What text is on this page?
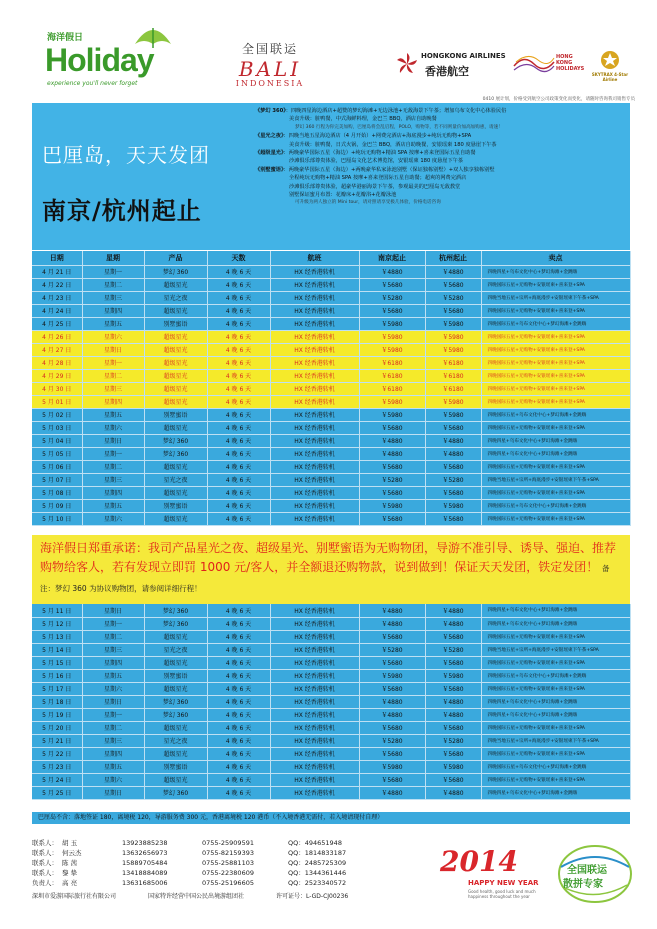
海洋假日
Holiday
experience you'll never forget
全国联运
BALI
INDONESIA
HONGKONG AIRLINES
香港航空
HONG KONG HOLIDAYS
SKYTRAX 4-Star Airline
0410 展计划，价格受到航空公司政策变化而变化，请随时咨询我司销售专员
巴厘岛，天天发团
南京/杭州起止
《梦幻 360》：四晚四星海边酒店+超赞的梦幻海滩+无边泳池+无敌海景下午茶；增加乌布文化中心体验民俗
美食升级：脏鸭餐，中式海鲜料理，金巴兰 BBQ，酒店自助晚餐
梦幻 360 行程为你完美加购，巴厘岛将会乱启程，POLO，购物等，若不同则量价加高加购惠，请速！
《星光之夜》：四晚当地五星海边酒店（4 月开始）+网费完酒店+海底漫步+纯玩无购物+SPA
美食升级：脏鸭餐，日式火锅，金巴兰 BBQ，酒店自助晚餐，安银瑶柬 180 度悬崖下午茶
《超级星光》：两晚豪华国际五星（海边）+纯玩无购物+精油 SPA 按摩+喜来登国际五星自助餐
沙滩俱乐部尊贵体验，巴厘岛文化艺术博览馆，安银瑶柬 180 度悬崖下午茶
《别墅蜜语》：两晚豪华国际五星（海边）+两晚豪华私家泳池别墅（保证独栋别墅）+双人独享独栋别墅
全程纯玩无购物+精油 SPA 按摩+喜来登国际五星自助餐；超爽的网费完酒店
沙滩俱乐部尊贵体验，超豪华港丽海景下午茶，参观最美的巴厘岛无敌教堂
别墅保证蜜月布置：花瓣床+花瓣浴+花瓣泳池
可升级为两人独立的 Mini tour，请对照请享受极几体验，价格电话咨询
日期	星期	产品	天数	航班	南京起止	杭州起止	卖点
4 月 21 日	星期一	梦幻 360	4 晚 6 天	HX 经香港转机	￥4880	￥4880	四晚四星+乌布文化中心+梦幻海滩+金跳嗨
4 月 22 日	星期二	超级星光	4 晚 6 天	HX 经香港转机	￥5680	￥5680	四晚国际五星+无购物+安银瑶柬+喜来登+SPA
4 月 23 日	星期三	星光之夜	4 晚 6 天	HX 经香港转机	￥5280	￥5280	四晚当地五星+宗所+海底漫步+安银瑶柬下午茶+SPA
4 月 24 日	星期四	超级星光	4 晚 6 天	HX 经香港转机	￥5680	￥5680	四晚国际五星+无购物+安银瑶柬+喜来登+SPA
4 月 25 日	星期五	别墅蜜语	4 晚 6 天	HX 经香港转机	￥5980	￥5980	四晚国际五星+乌布文化中心+梦幻海滩+金跳嗨
4 月 26 日	星期六	超级星光	4 晚 6 天	HX 经香港转机	￥5980	￥5980	四晚国际五星+无购物+安银瑶柬+喜来登+SPA
4 月 27 日	星期日	超级星光	4 晚 6 天	HX 经香港转机	￥5980	￥5980	四晚国际五星+无购物+安银瑶柬+喜来登+SPA
4 月 28 日	星期一	超级星光	4 晚 6 天	HX 经香港转机	￥6180	￥6180	四晚国际五星+无购物+安银瑶柬+喜来登+SPA
4 月 29 日	星期二	超级星光	4 晚 6 天	HX 经香港转机	￥6180	￥6180	四晚国际五星+无购物+安银瑶柬+喜来登+SPA
4 月 30 日	星期三	超级星光	4 晚 6 天	HX 经香港转机	￥6180	￥6180	四晚国际五星+无购物+安银瑶柬+喜来登+SPA
5 月 01 日	星期四	超级星光	4 晚 6 天	HX 经香港转机	￥5980	￥5980	四晚国际五星+无购物+安银瑶柬+喜来登+SPA
5 月 02 日	星期五	别墅蜜语	4 晚 6 天	HX 经香港转机	￥5980	￥5980	四晚国际五星+乌布文化中心+梦幻海滩+金跳嗨
5 月 03 日	星期六	超级星光	4 晚 6 天	HX 经香港转机	￥5680	￥5680	四晚国际五星+无购物+安银瑶柬+喜来登+SPA
5 月 04 日	星期日	梦幻 360	4 晚 6 天	HX 经香港转机	￥4880	￥4880	四晚四星+乌布文化中心+梦幻海滩+金跳嗨
5 月 05 日	星期一	梦幻 360	4 晚 6 天	HX 经香港转机	￥4880	￥4880	四晚四星+乌布文化中心+梦幻海滩+金跳嗨
5 月 06 日	星期二	超级星光	4 晚 6 天	HX 经香港转机	￥5680	￥5680	四晚国际五星+无购物+安银瑶柬+喜来登+SPA
5 月 07 日	星期三	星光之夜	4 晚 6 天	HX 经香港转机	￥5280	￥5280	四晚当地五星+宗所+海底漫步+安银瑶柬下午茶+SPA
5 月 08 日	星期四	超级星光	4 晚 6 天	HX 经香港转机	￥5680	￥5680	四晚国际五星+无购物+安银瑶柬+喜来登+SPA
5 月 09 日	星期五	别墅蜜语	4 晚 6 天	HX 经香港转机	￥5980	￥5980	四晚国际五星+乌布文化中心+梦幻海滩+金跳嗨
5 月 10 日	星期六	超级星光	4 晚 6 天	HX 经香港转机	￥5680	￥5680	四晚国际五星+无购物+安银瑶柬+喜来登+SPA

海洋假日郑重承诺：我司产品星光之夜、超级星光、别墅蜜语为无购物团，导游不准引导、诱导、强迫、推荐购物给客人，若有发现立即罚 1000 元/客人，并全额退还购物款，说到做到！保证天天发团，铁定发团！ 备注：梦幻 360 为协议购物团，请参阅详细行程！

5 月 11 日	星期日	梦幻 360	4 晚 6 天	HX 经香港转机	￥4880	￥4880	四晚四星+乌布文化中心+梦幻海滩+金跳嗨
5 月 12 日	星期一	梦幻 360	4 晚 6 天	HX 经香港转机	￥4880	￥4880	四晚四星+乌布文化中心+梦幻海滩+金跳嗨
5 月 13 日	星期二	超级星光	4 晚 6 天	HX 经香港转机	￥5680	￥5680	四晚国际五星+无购物+安银瑶柬+喜来登+SPA
5 月 14 日	星期三	星光之夜	4 晚 6 天	HX 经香港转机	￥5280	￥5280	四晚当地五星+宗所+海底漫步+安银瑶柬下午茶+SPA
5 月 15 日	星期四	超级星光	4 晚 6 天	HX 经香港转机	￥5680	￥5680	四晚国际五星+无购物+安银瑶柬+喜来登+SPA
5 月 16 日	星期五	别墅蜜语	4 晚 6 天	HX 经香港转机	￥5980	￥5980	四晚国际五星+乌布文化中心+梦幻海滩+金跳嗨
5 月 17 日	星期六	超级星光	4 晚 6 天	HX 经香港转机	￥5680	￥5680	四晚国际五星+无购物+安银瑶柬+喜来登+SPA
5 月 18 日	星期日	梦幻 360	4 晚 6 天	HX 经香港转机	￥4880	￥4880	四晚四星+乌布文化中心+梦幻海滩+金跳嗨
5 月 19 日	星期一	梦幻 360	4 晚 6 天	HX 经香港转机	￥4880	￥4880	四晚四星+乌布文化中心+梦幻海滩+金跳嗨
5 月 20 日	星期二	超级星光	4 晚 6 天	HX 经香港转机	￥5680	￥5680	四晚国际五星+无购物+安银瑶柬+喜来登+SPA
5 月 21 日	星期三	星光之夜	4 晚 6 天	HX 经香港转机	￥5280	￥5280	四晚当地五星+宗所+海底漫步+安银瑶柬下午茶+SPA
5 月 22 日	星期四	超级星光	4 晚 6 天	HX 经香港转机	￥5680	￥5680	四晚国际五星+无购物+安银瑶柬+喜来登+SPA
5 月 23 日	星期五	别墅蜜语	4 晚 6 天	HX 经香港转机	￥5980	￥5980	四晚国际五星+乌布文化中心+梦幻海滩+金跳嗨
5 月 24 日	星期六	超级星光	4 晚 6 天	HX 经香港转机	￥5680	￥5680	四晚国际五星+无购物+安银瑶柬+喜来登+SPA
5 月 25 日	星期日	梦幻 360	4 晚 6 天	HX 经香港转机	￥4880	￥4880	四晚四星+乌布文化中心+梦幻海滩+金跳嗨
巴厘岛不含：落地签证 180，离境税 120，导游服务费 300 元，香港离境税 120 港币（不入境香港无需付，若入境请现付自理）
联系人： 胡 玉	13923885238	0755-25909591	QQ：494651948
联系人： 何云杰	13632656973	0755-82159393	QQ：1814833187
联系人： 陈 茜	15889705484	0755-25881103	QQ：2485725309
联系人： 黎 挚	13418884089	0755-22380609	QQ：1344361446
负责人： 高 亮	13631685006	0755-25196605	QQ：2523340572
深圳市爱游国际旅行社有限公司	国家特许经营中国公民出境游组团社	许可证号：L-GD-CJ00236
2014
HAPPY NEW YEAR
Good health, good luck and much happiness throughout the year
全国联运
散拼专家
